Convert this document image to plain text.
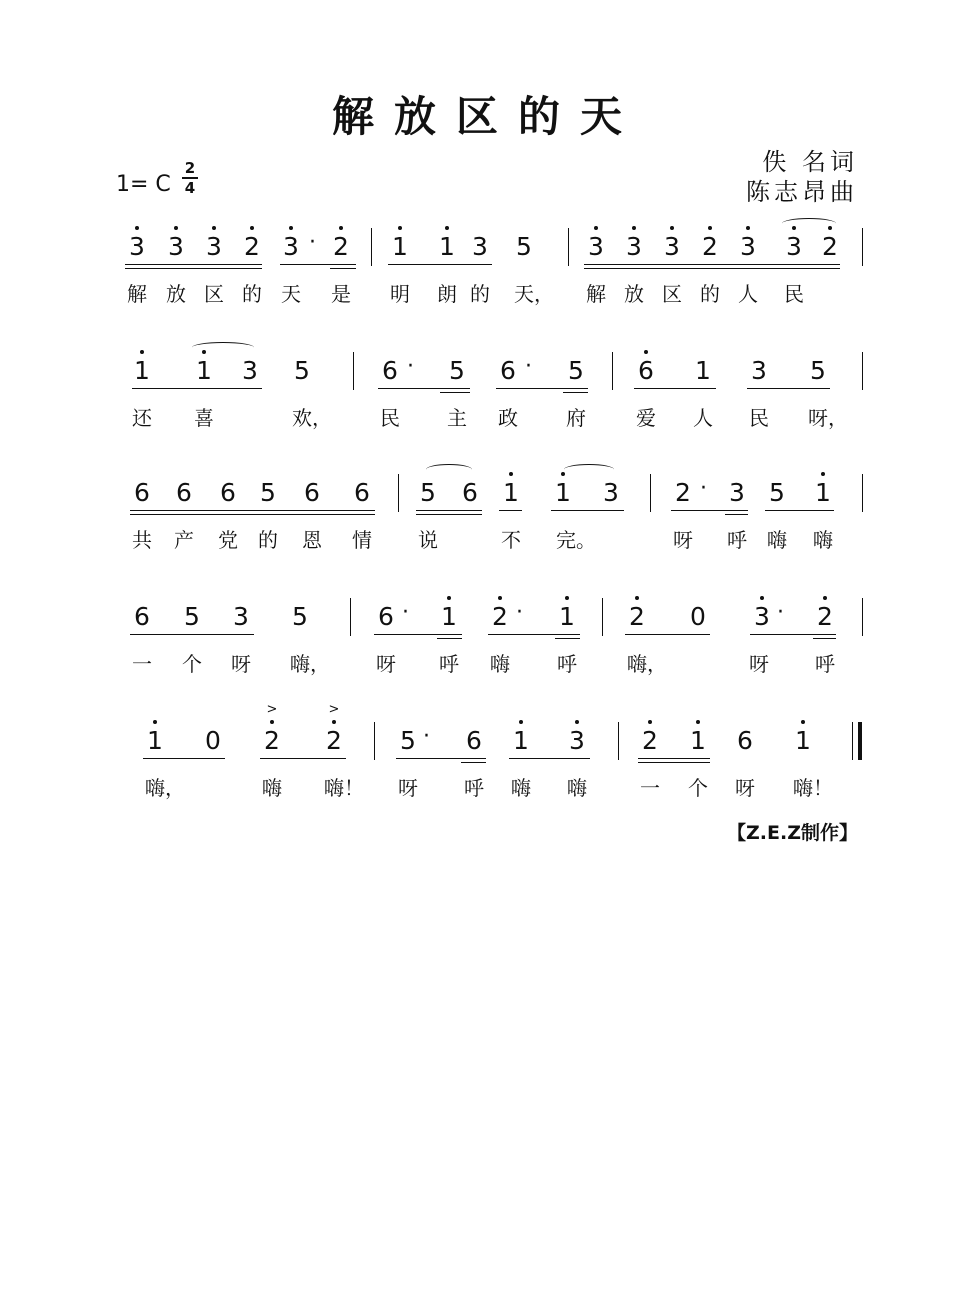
解放区的天
佚 名词
陈志昂曲
1= C
2
4
3 3 3 2 3 · 2 1 1 3 5 3 3 3 2 3 3 2
解 放 区 的 天	是	明	朗 的	天， 解 放 区 的 人	民
1 1 3 5	6 · 5 6 · 5 6 1 3 5
还	喜	欢， 民	主	政	府	爱	人	民	呀，
6 6 6 5 6 6 5 6 1 1 3 2 · 3 5 1
共	产	党	的	恩	情	说	不	完。	呀	呼	嗨	嗨
6 5 3 5	6 · 1 2 · 1 2 0 3 · 2
一	个	呀	嗨， 呀	呼	嗨	呼	嗨，	呀	呼
1 0 2 2 5 · 6 1 3 2 1 6 1
>	>
嗨，	嗨	嗨！ 呀	呼	嗨	嗨	一	个	呀	嗨！
【Z.E.Z制作】
